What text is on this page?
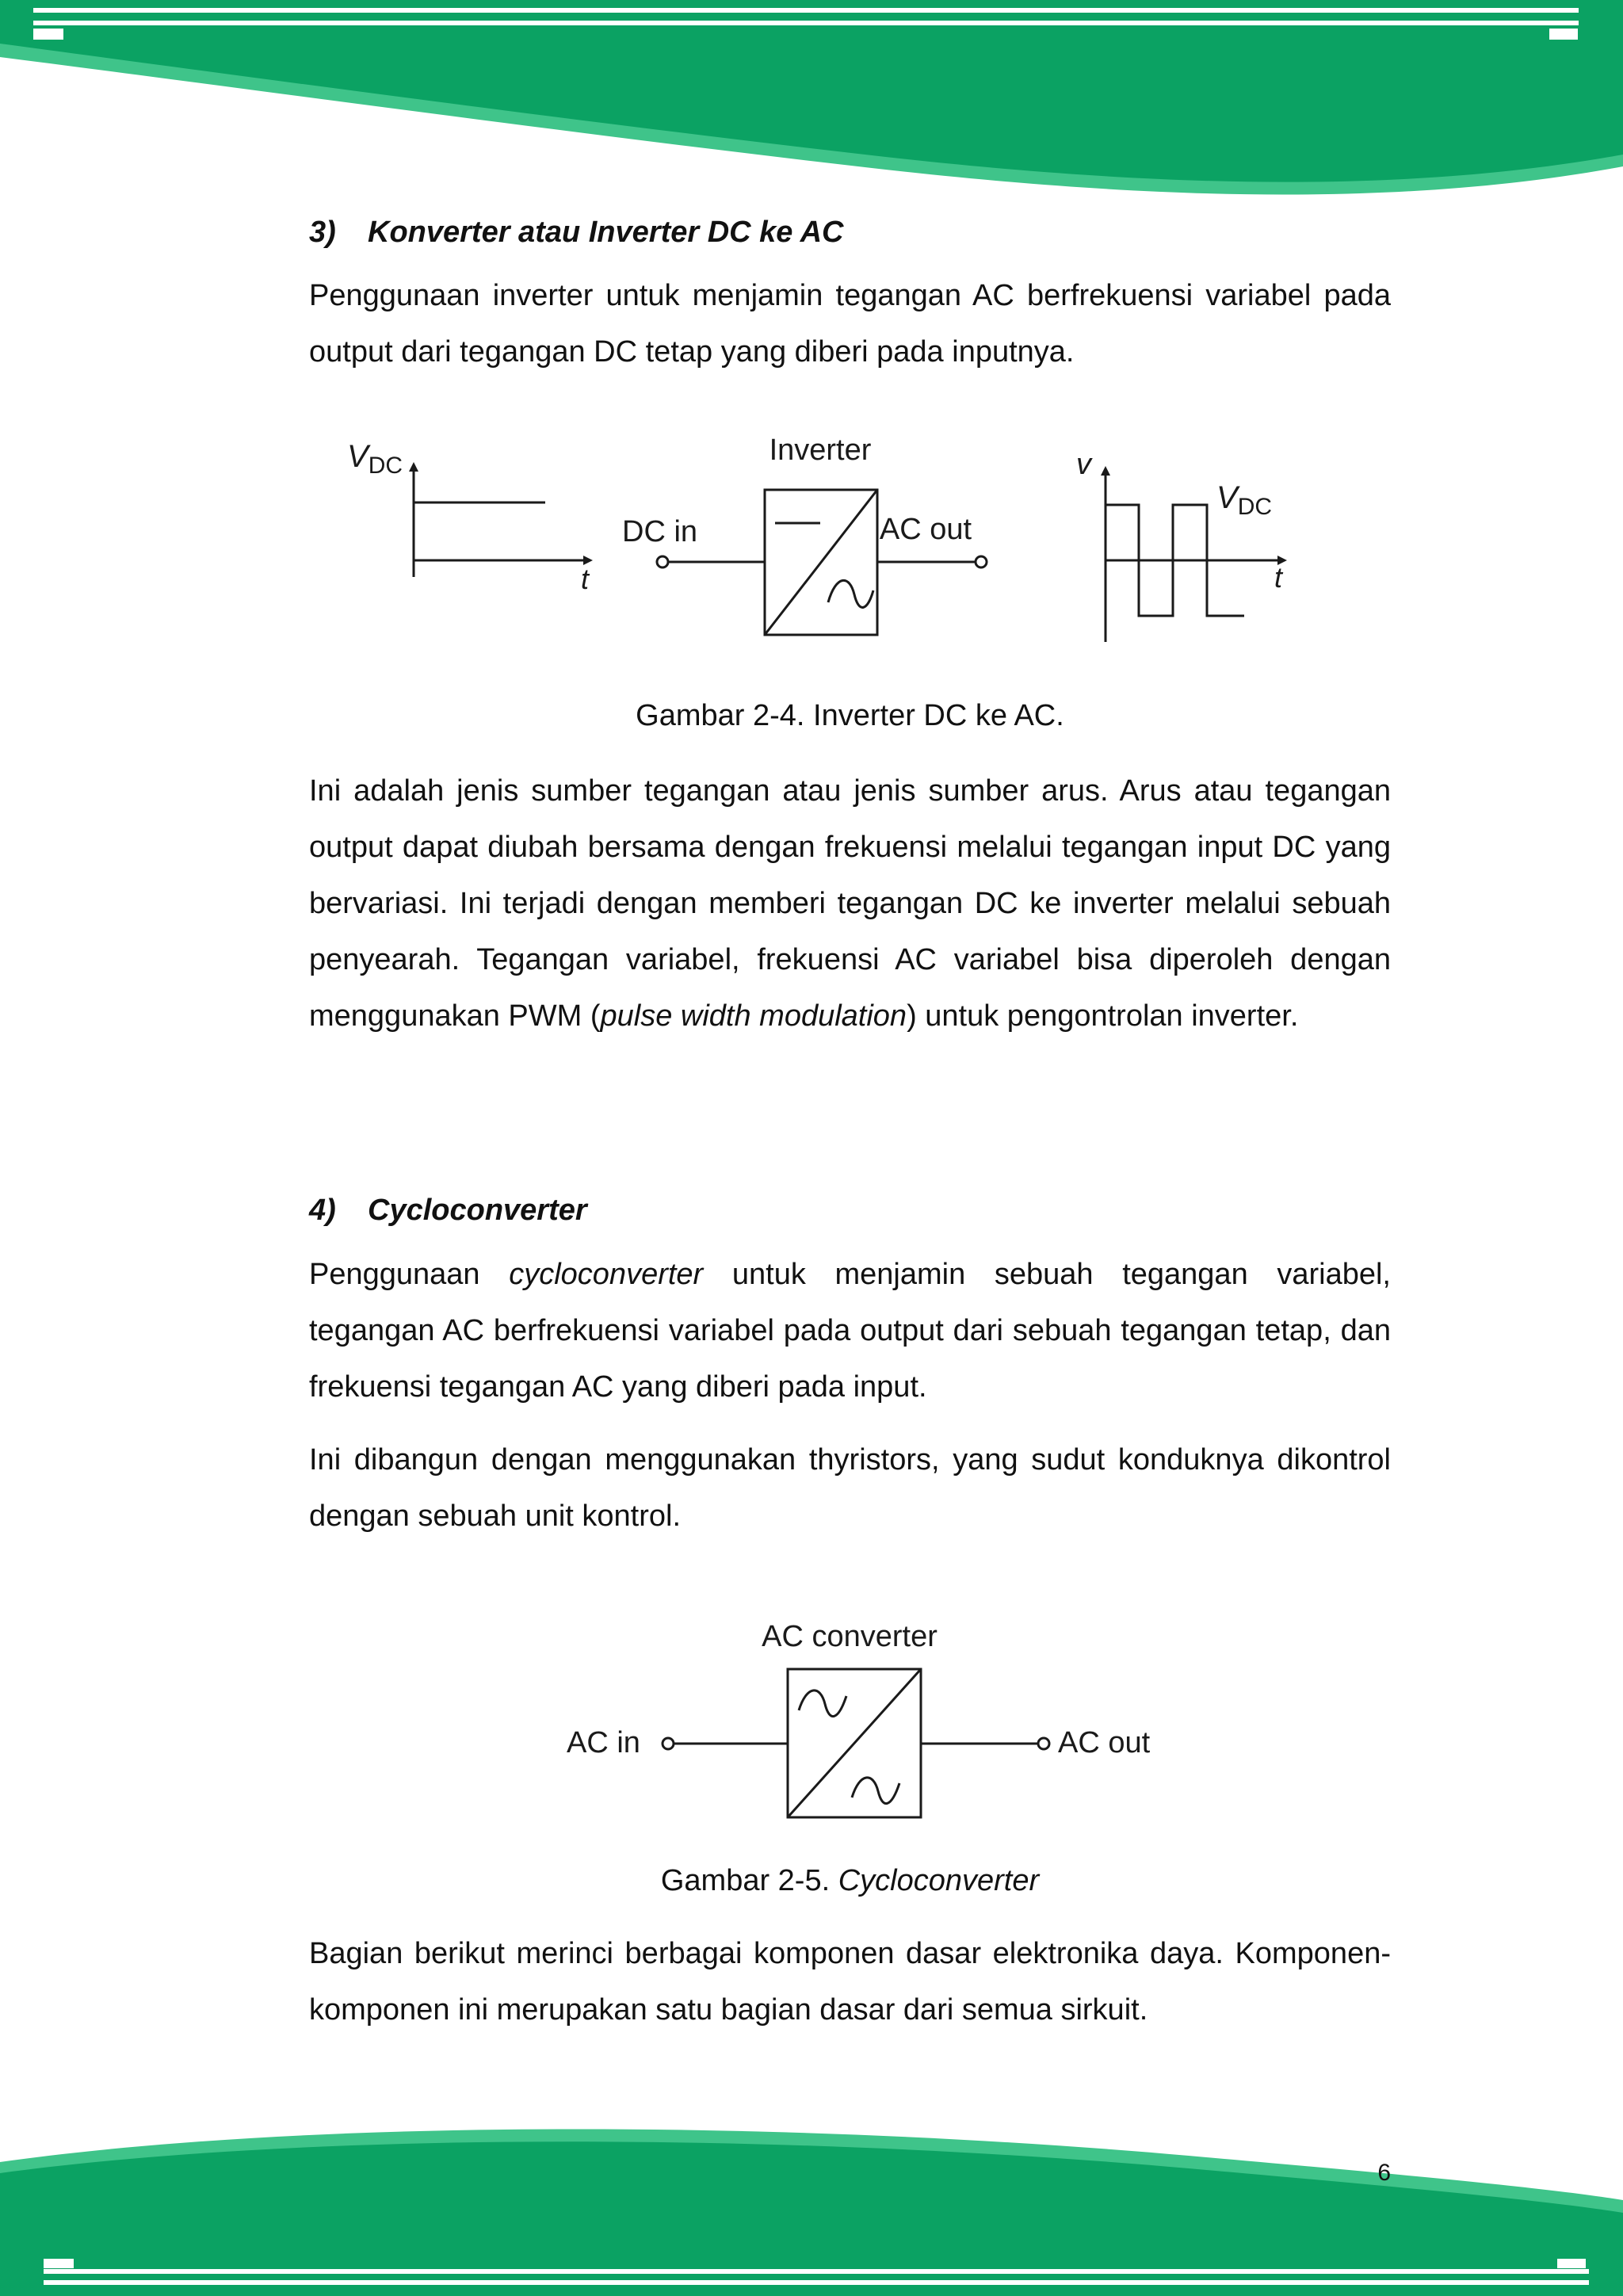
3) Konverter atau Inverter DC ke AC

Penggunaan inverter untuk menjamin tegangan AC berfrekuensi variabel pada output dari tegangan DC tetap yang diberi pada inputnya.

Ini adalah jenis sumber tegangan atau jenis sumber arus. Arus atau tegangan output dapat diubah bersama dengan frekuensi melalui tegangan input DC yang bervariasi. Ini terjadi dengan memberi tegangan DC ke inverter melalui sebuah penyearah. Tegangan variabel, frekuensi AC variabel bisa diperoleh dengan menggunakan PWM (pulse width modulation) untuk pengontrolan inverter.

4) Cycloconverter

Penggunaan cycloconverter untuk menjamin sebuah tegangan variabel, tegangan AC berfrekuensi variabel pada output dari sebuah tegangan tetap, dan frekuensi tegangan AC yang diberi pada input.

Ini dibangun dengan menggunakan thyristors, yang sudut konduknya dikontrol dengan sebuah unit kontrol.

Bagian berikut merinci berbagai komponen dasar elektronika daya. Komponen-komponen ini merupakan satu bagian dasar dari semua sirkuit.

$V_{DC}$
t
DC in
Inverter
AC out
v
$V_{DC}$
t
Gambar 2-4. Inverter DC ke AC.
AC converter
AC in	AC out
Gambar 2-5. Cycloconverter
6
